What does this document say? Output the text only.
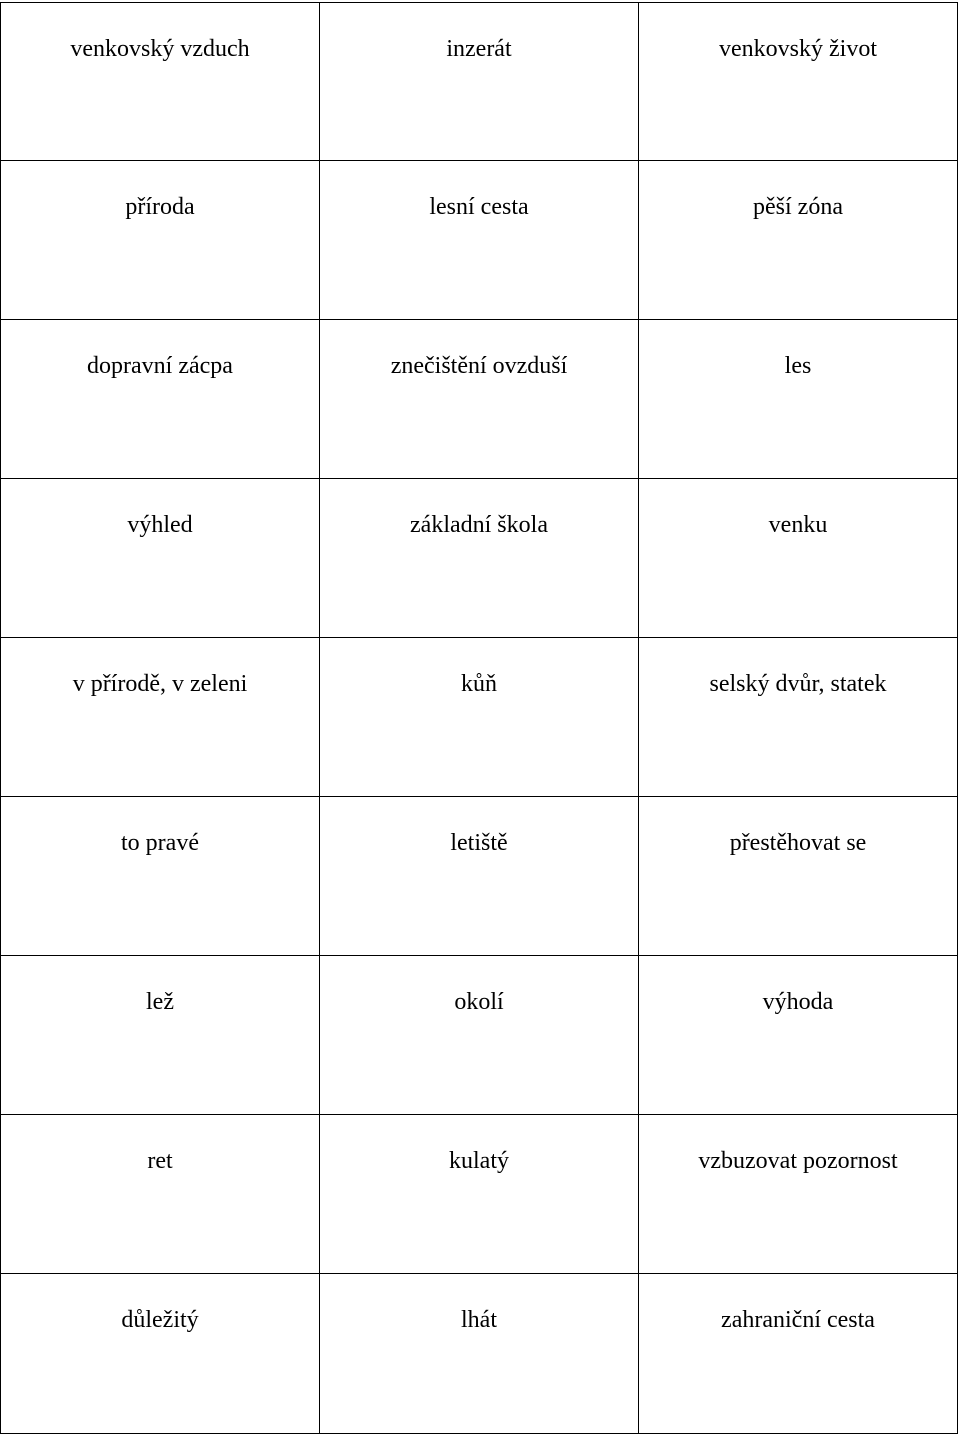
venkovský vzduch	inzerát	venkovský život

příroda	lesní cesta	pěší zóna

dopravní zácpa	znečištění ovzduší	les

výhled	základní škola	venku

v přírodě, v zeleni	kůň	selský dvůr, statek

to pravé	letiště	přestěhovat se

lež	okolí	výhoda

ret	kulatý	vzbuzovat pozornost

důležitý	lhát	zahraniční cesta
